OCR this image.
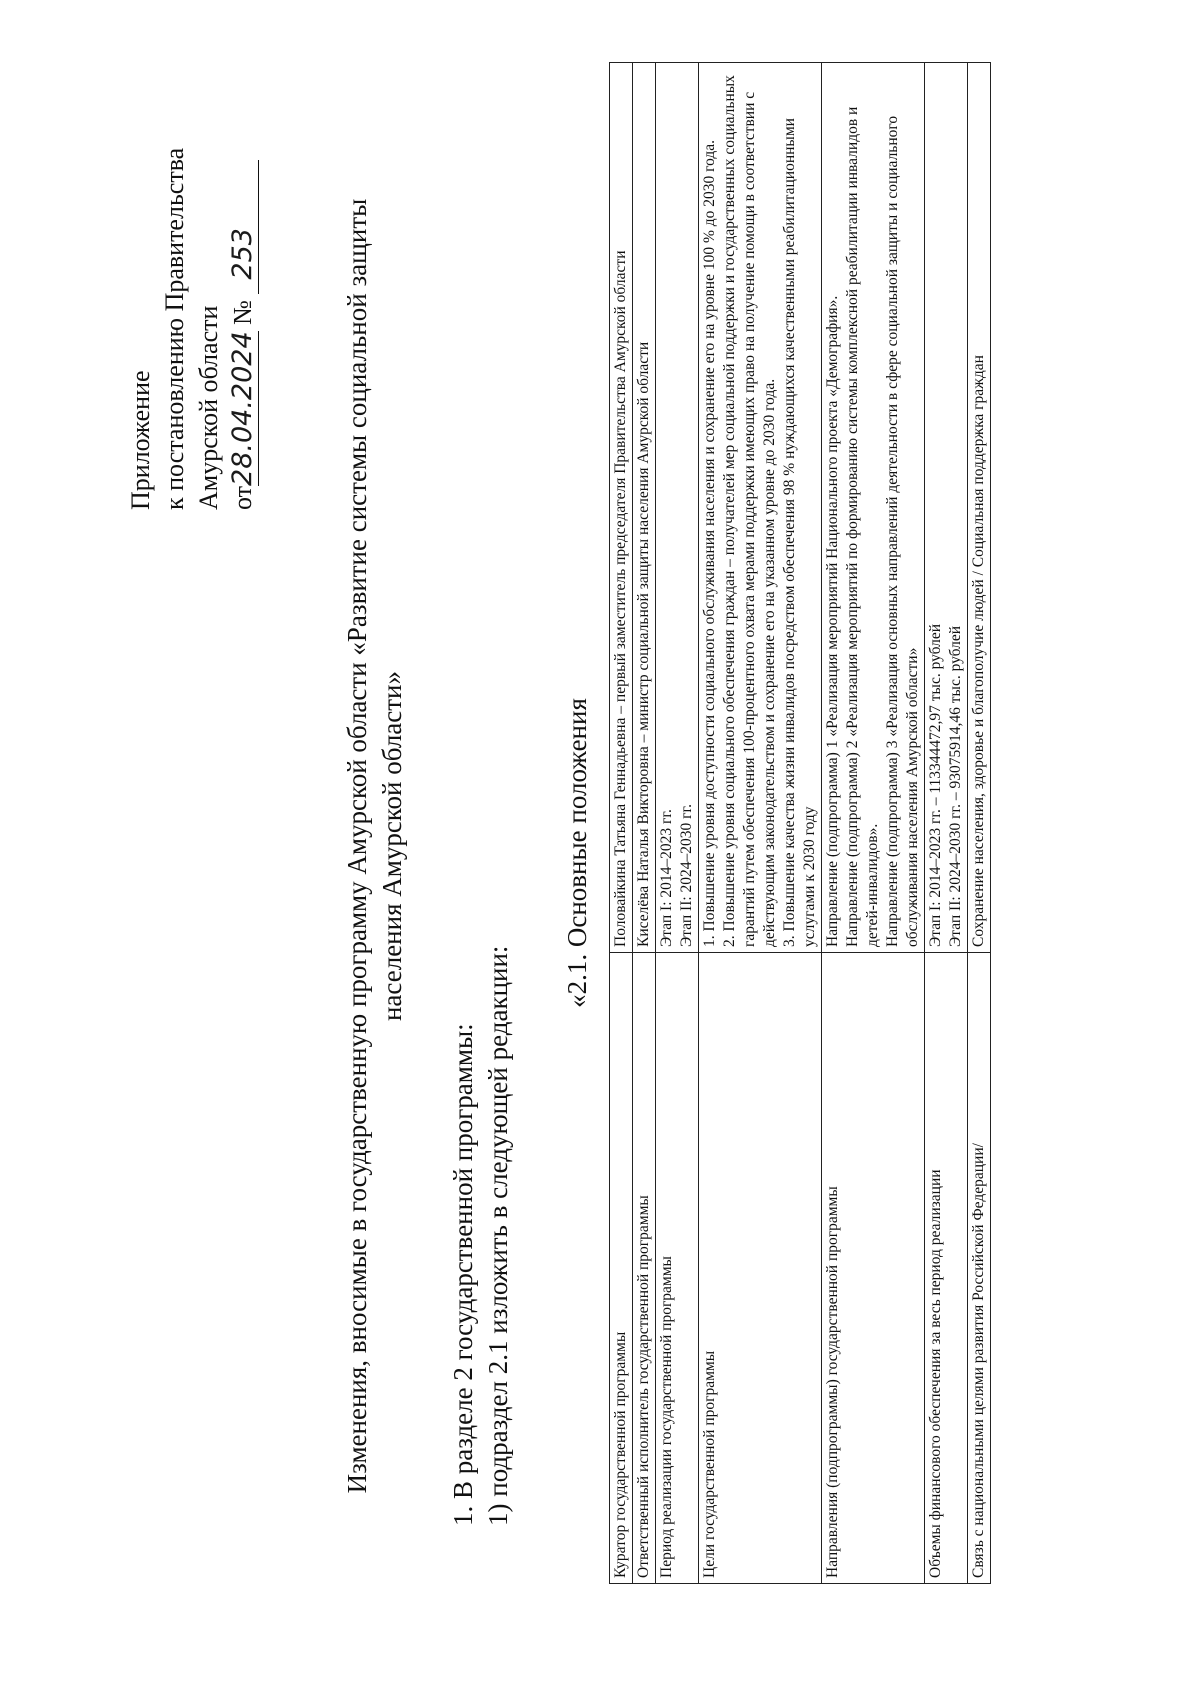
Приложение к постановлению Правительства Амурской области от28.04.2024 № 253	Изменения, вносимые в государственную программу Амурской области «Развитие системы социальной защиты населения Амурской области»
1. В разделе 2 государственной программы: 1) подраздел 2.1 изложить в следующей редакции:
«2.1. Основные положения
Куратор государственной программы	Половайкина Татьяна Геннадьевна – первый заместитель председателя Правительства Амурской области

Ответственный исполнитель государственной программы	Киселёва Наталья Викторовна – министр социальной защиты населения Амурской области

Период реализации государственной программы	Этап I: 2014–2023 гг. Этап II: 2024–2030 гг.

Цели государственной программы	1. Повышение уровня доступности социального обслуживания населения и сохранение его на уровне 100 % до 2030 года. 2. Повышение уровня социального обеспечения граждан – получателей мер социальной поддержки и государственных социальных гарантий путем обеспечения 100-процентного охвата мерами поддержки имеющих право на получение помощи в соответствии с действующим законодательством и сохранение его на указанном уровне до 2030 года. 3. Повышение качества жизни инвалидов посредством обеспечения 98 % нуждающихся качественными реабилитационными услугами к 2030 году

Направления (подпрограммы) государственной программы	Направление (подпрограмма) 1 «Реализация мероприятий Национального проекта «Демография». Направление (подпрограмма) 2 «Реализация мероприятий по формированию системы комплексной реабилитации инвалидов и детей-инвалидов». Направление (подпрограмма) 3 «Реализация основных направлений деятельности в сфере социальной защиты и социального обслуживания населения Амурской области»

Объемы финансового обеспечения за весь период реализации	Этап I: 2014–2023 гг. – 113344472,97 тыс. рублей Этап II: 2024–2030 гг. – 93075914,46 тыс. рублей

Связь с национальными целями развития Российской Федерации/	Сохранение населения, здоровье и благополучие людей / Социальная поддержка граждан
